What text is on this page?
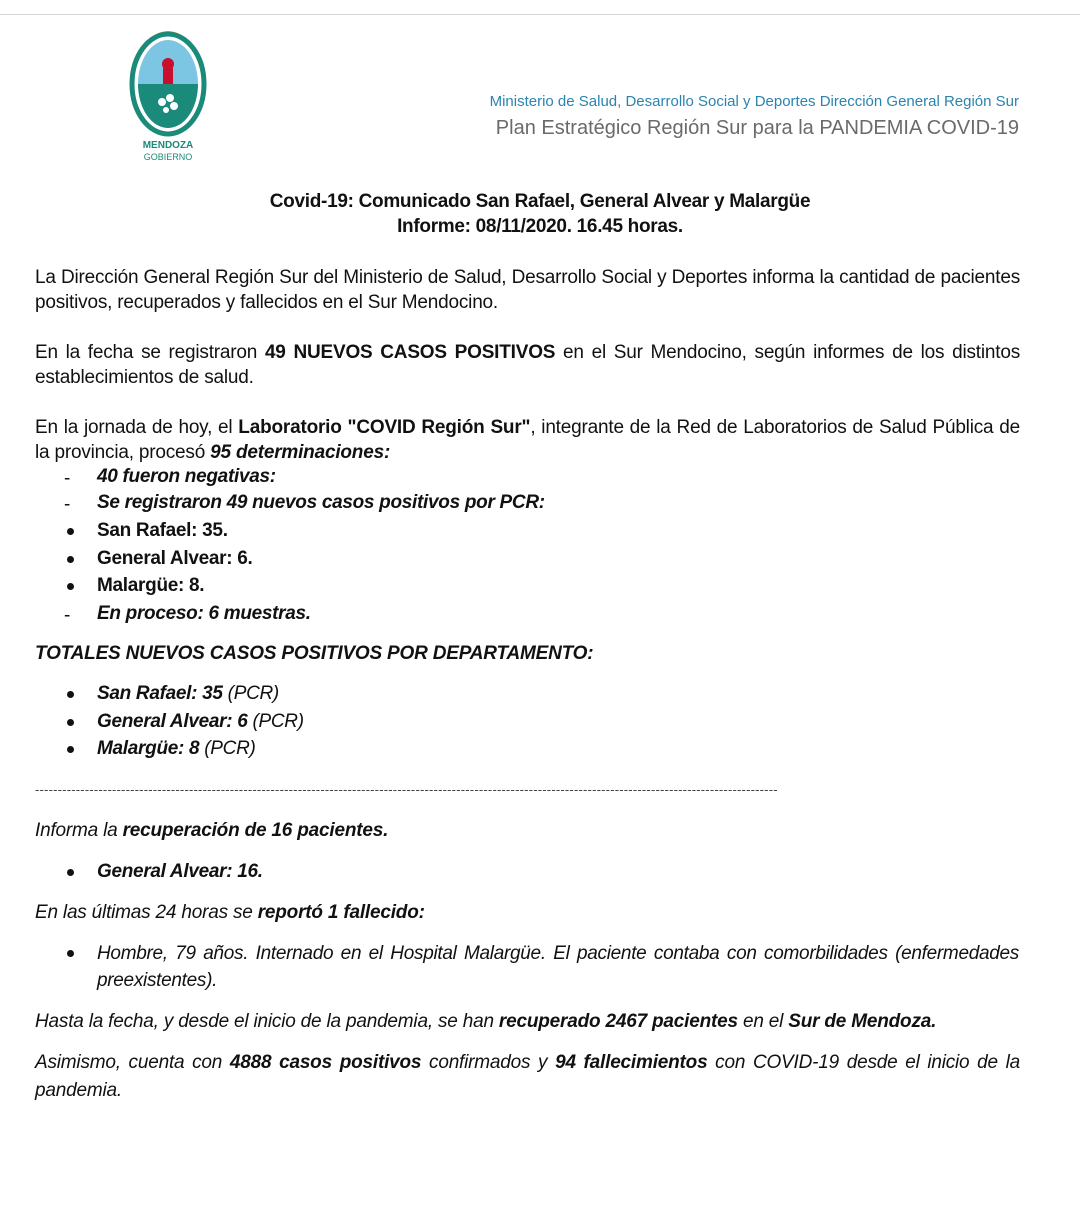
MENDOZA
GOBIERNO
Ministerio de Salud, Desarrollo Social y Deportes Dirección General Región Sur
Plan Estratégico Región Sur para la PANDEMIA COVID-19
Covid-19: Comunicado San Rafael, General Alvear y Malargüe
Informe: 08/11/2020. 16.45 horas.
La Dirección General Región Sur del Ministerio de Salud, Desarrollo Social y Deportes informa la cantidad de pacientes positivos, recuperados y fallecidos en el Sur Mendocino.
En la fecha se registraron 49 NUEVOS CASOS POSITIVOS en el Sur Mendocino, según informes de los distintos establecimientos de salud.
En la jornada de hoy, el Laboratorio "COVID Región Sur", integrante de la Red de Laboratorios de Salud Pública de la provincia, procesó 95 determinaciones:
- 40 fueron negativas:
- Se registraron 49 nuevos casos positivos por PCR:
San Rafael: 35.
General Alvear: 6.
Malargüe: 8.
- En proceso: 6 muestras.
TOTALES NUEVOS CASOS POSITIVOS POR DEPARTAMENTO:
San Rafael: 35 (PCR)
General Alvear: 6 (PCR)
Malargüe: 8 (PCR)
--------------------------------------------------------------------------------------------------------------------------------------------------------------------
Informa la recuperación de 16 pacientes.
General Alvear: 16.
En las últimas 24 horas se reportó 1 fallecido:
Hombre, 79 años. Internado en el Hospital Malargüe. El paciente contaba con comorbilidades (enfermedades preexistentes).
Hasta la fecha, y desde el inicio de la pandemia, se han recuperado 2467 pacientes en el Sur de Mendoza.
Asimismo, cuenta con 4888 casos positivos confirmados y 94 fallecimientos con COVID-19 desde el inicio de la pandemia.
